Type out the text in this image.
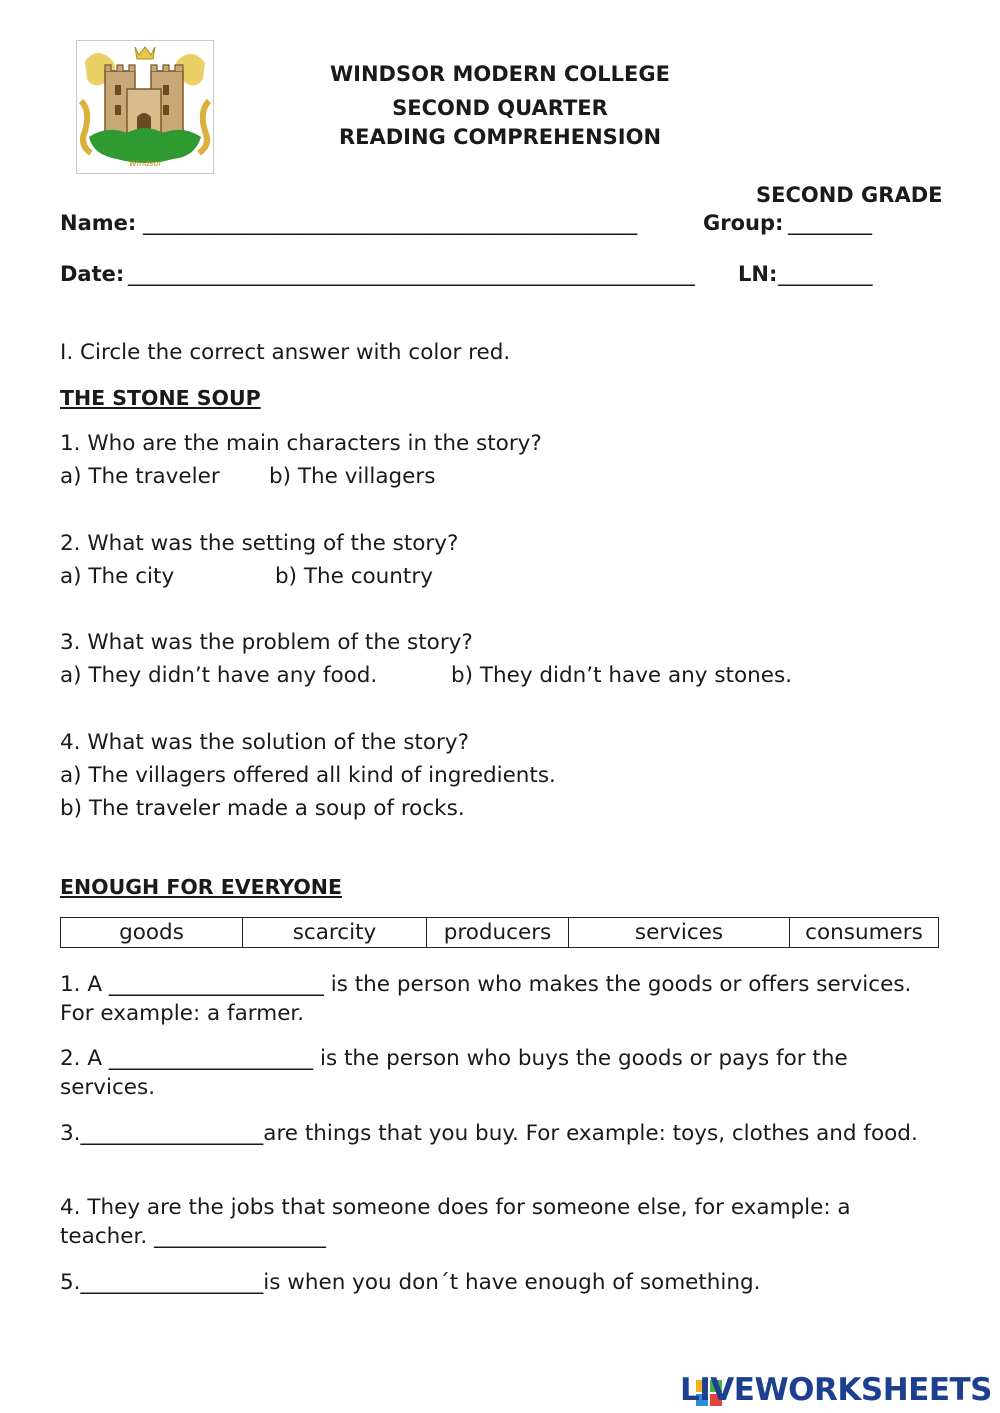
Windsor
WINDSOR MODERN COLLEGE
SECOND QUARTER
READING COMPREHENSION
SECOND GRADE
Name: ______________________________________________	Group: ________
Date: _____________________________________________________ LN: _________
I. Circle the correct answer with color red.
THE STONE SOUP
1. Who are the main characters in the story?
a) The traveler b) The villagers
2. What was the setting of the story?
a) The city	b) The country
3. What was the problem of the story?
a) They didn’t have any food.	b) They didn’t have any stones.
4. What was the solution of the story?
a) The villagers offered all kind of ingredients.
b) The traveler made a soup of rocks.
ENOUGH FOR EVERYONE
goods	scarcity	producers	services	consumers
1. A ____________________ is the person who makes the goods or offers services. For example: a farmer.
2. A ___________________ is the person who buys the goods or pays for the services.
3._________________are things that you buy. For example: toys, clothes and food.
4. They are the jobs that someone does for someone else, for example: a teacher. ________________
5._________________is when you don´t have enough of something.
LIVEWORKSHEETS
